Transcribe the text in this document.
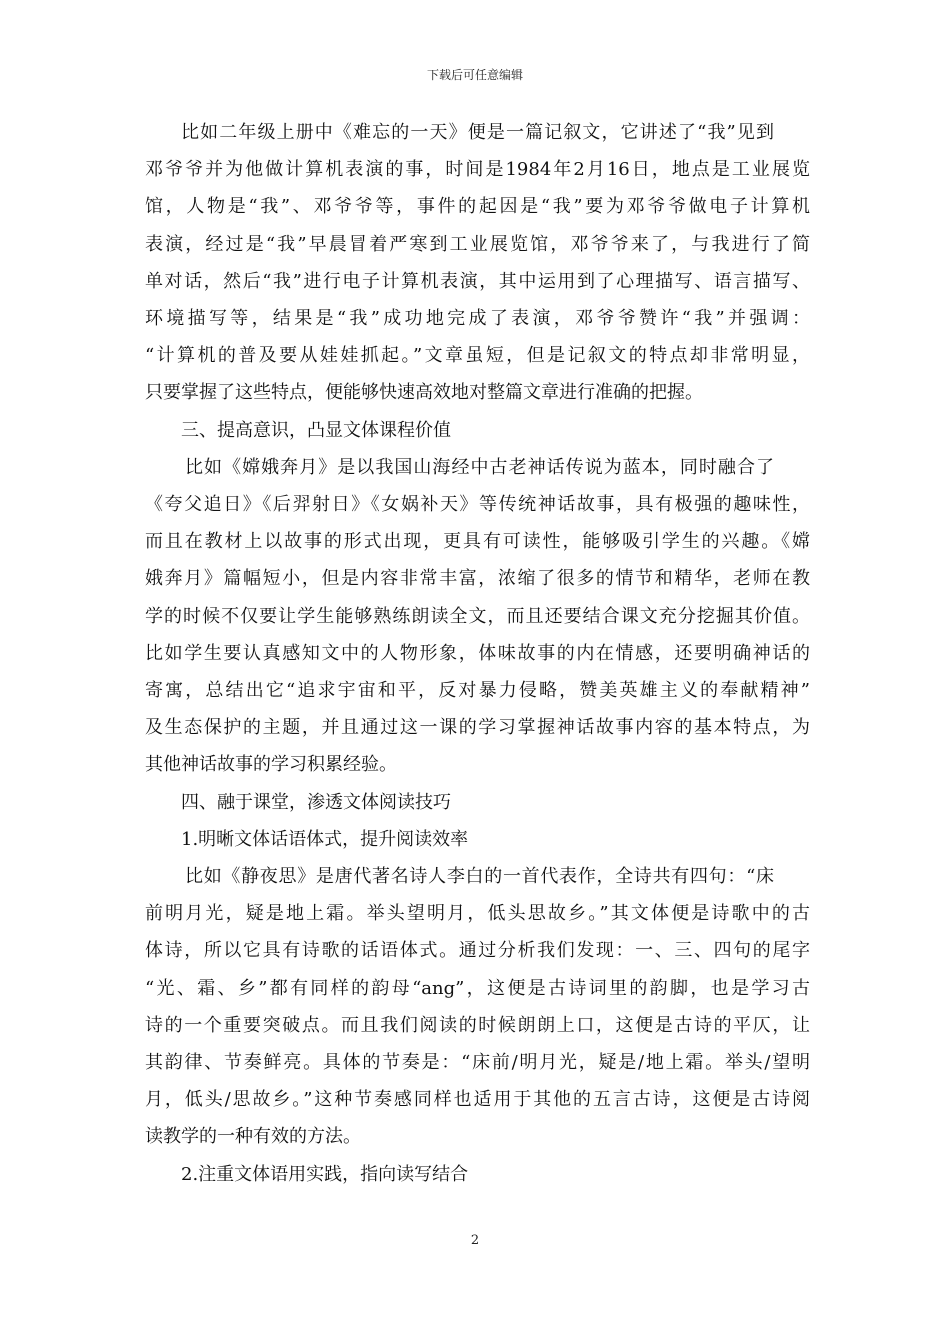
下载后可任意编辑
比如二年级上册中《难忘的一天》便是一篇记叙文，它讲述了“我”见到
邓爷爷并为他做计算机表演的事，时间是1984年2月16日，地点是工业展览
馆，人物是“我”、邓爷爷等，事件的起因是“我”要为邓爷爷做电子计算机
表演，经过是“我”早晨冒着严寒到工业展览馆，邓爷爷来了，与我进行了简
单对话，然后“我”进行电子计算机表演，其中运用到了心理描写、语言描写、
环境描写等，结果是“我”成功地完成了表演，邓爷爷赞许“我”并强调：
“计算机的普及要从娃娃抓起。”文章虽短，但是记叙文的特点却非常明显，
只要掌握了这些特点，便能够快速高效地对整篇文章进行准确的把握。
三、提高意识，凸显文体课程价值
比如《嫦娥奔月》是以我国山海经中古老神话传说为蓝本，同时融合了
《夸父追日》《后羿射日》《女娲补天》等传统神话故事，具有极强的趣味性，
而且在教材上以故事的形式出现，更具有可读性，能够吸引学生的兴趣。《嫦
娥奔月》篇幅短小，但是内容非常丰富，浓缩了很多的情节和精华，老师在教
学的时候不仅要让学生能够熟练朗读全文，而且还要结合课文充分挖掘其价值。
比如学生要认真感知文中的人物形象，体味故事的内在情感，还要明确神话的
寄寓，总结出它“追求宇宙和平，反对暴力侵略，赞美英雄主义的奉献精神”
及生态保护的主题，并且通过这一课的学习掌握神话故事内容的基本特点，为
其他神话故事的学习积累经验。
四、融于课堂，渗透文体阅读技巧
1.明晰文体话语体式，提升阅读效率
比如《静夜思》是唐代著名诗人李白的一首代表作，全诗共有四句：“床
前明月光，疑是地上霜。举头望明月，低头思故乡。”其文体便是诗歌中的古
体诗，所以它具有诗歌的话语体式。通过分析我们发现：一、三、四句的尾字
“光、霜、乡”都有同样的韵母“ang”，这便是古诗词里的韵脚，也是学习古
诗的一个重要突破点。而且我们阅读的时候朗朗上口，这便是古诗的平仄，让
其韵律、节奏鲜亮。具体的节奏是：“床前/明月光，疑是/地上霜。举头/望明
月，低头/思故乡。”这种节奏感同样也适用于其他的五言古诗，这便是古诗阅
读教学的一种有效的方法。
2.注重文体语用实践，指向读写结合
2
